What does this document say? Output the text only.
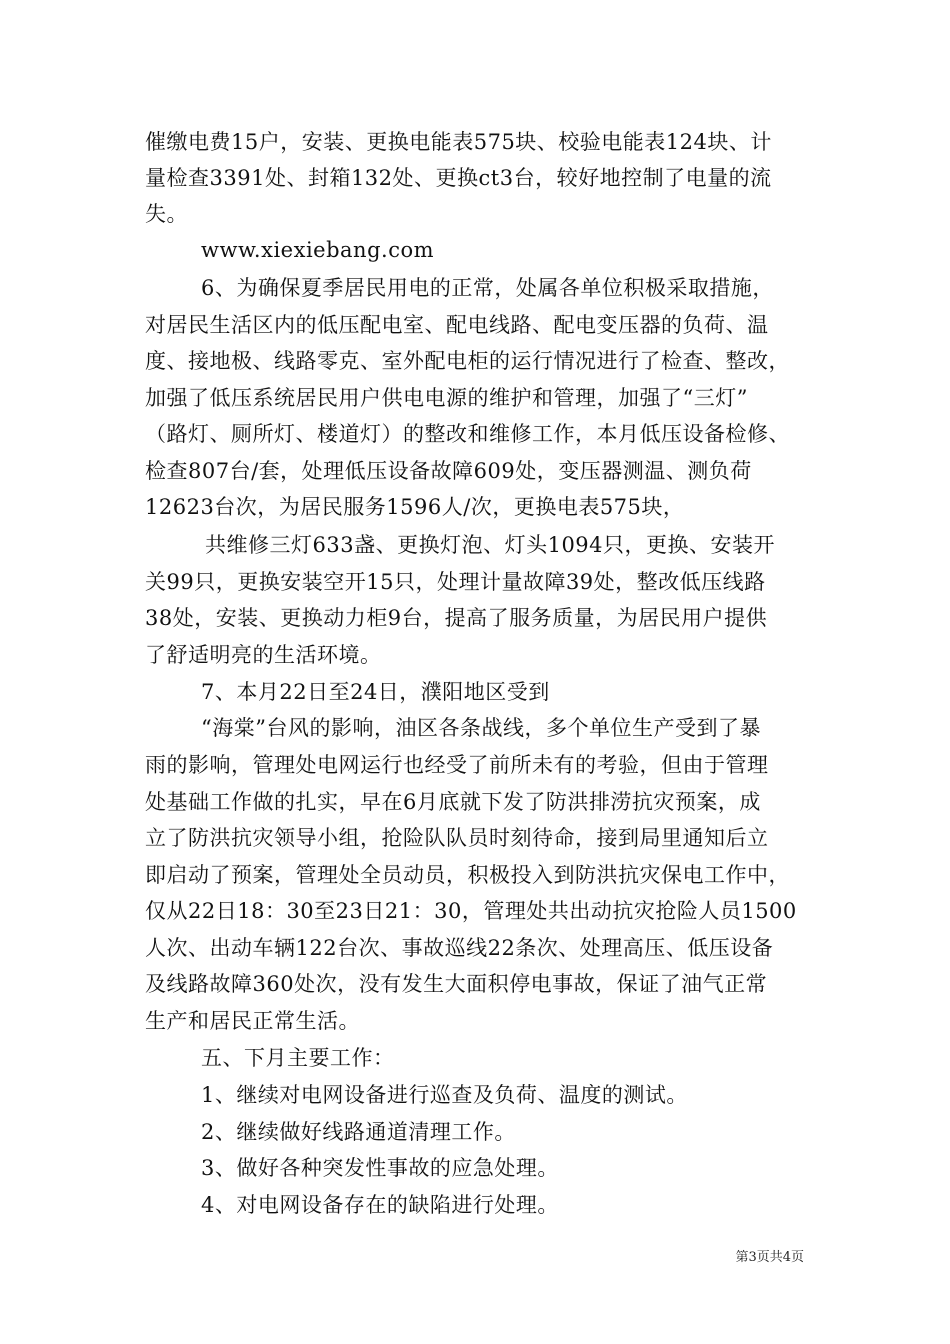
催缴电费15户，安装、更换电能表575块、校验电能表124块、计
量检查3391处、封箱132处、更换ct3台，较好地控制了电量的流
失。
www.xiexiebang.com
6、为确保夏季居民用电的正常，处属各单位积极采取措施，
对居民生活区内的低压配电室、配电线路、配电变压器的负荷、温
度、接地极、线路零克、室外配电柜的运行情况进行了检查、整改，
加强了低压系统居民用户供电电源的维护和管理，加强了“三灯”
（路灯、厕所灯、楼道灯）的整改和维修工作，本月低压设备检修、
检查807台/套，处理低压设备故障609处，变压器测温、测负荷
12623台次，为居民服务1596人/次，更换电表575块，
共维修三灯633盏、更换灯泡、灯头1094只，更换、安装开
关99只，更换安装空开15只，处理计量故障39处，整改低压线路
38处，安装、更换动力柜9台，提高了服务质量，为居民用户提供
了舒适明亮的生活环境。
7、本月22日至24日，濮阳地区受到
“海棠”台风的影响，油区各条战线，多个单位生产受到了暴
雨的影响，管理处电网运行也经受了前所未有的考验，但由于管理
处基础工作做的扎实，早在6月底就下发了防洪排涝抗灾预案，成
立了防洪抗灾领导小组，抢险队队员时刻待命，接到局里通知后立
即启动了预案，管理处全员动员，积极投入到防洪抗灾保电工作中，
仅从22日18：30至23日21：30，管理处共出动抗灾抢险人员1500
人次、出动车辆122台次、事故巡线22条次、处理高压、低压设备
及线路故障360处次，没有发生大面积停电事故，保证了油气正常
生产和居民正常生活。
五、下月主要工作：
1、继续对电网设备进行巡查及负荷、温度的测试。
2、继续做好线路通道清理工作。
3、做好各种突发性事故的应急处理。
4、对电网设备存在的缺陷进行处理。
第3页共4页
